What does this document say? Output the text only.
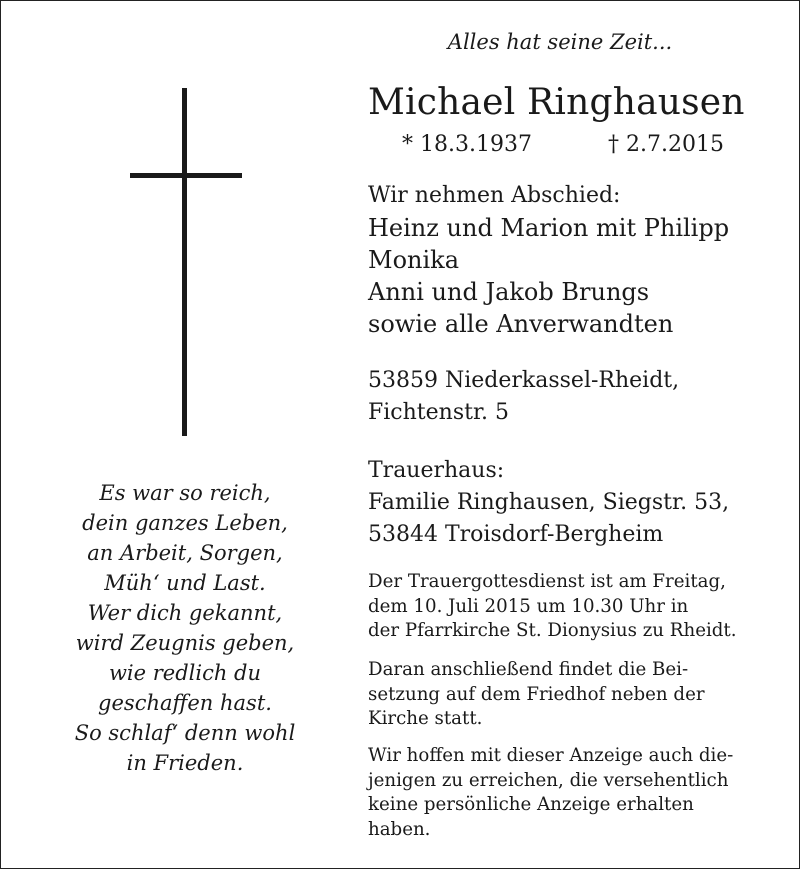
Alles hat seine Zeit...
Michael Ringhausen
* 18.3.1937	† 2.7.2015
Wir nehmen Abschied:
Heinz und Marion mit Philipp
Monika
Anni und Jakob Brungs
sowie alle Anverwandten
53859 Niederkassel-Rheidt,
Fichtenstr. 5
Trauerhaus:
Familie Ringhausen, Siegstr. 53,
53844 Troisdorf-Bergheim
Es war so reich,
dein ganzes Leben,
an Arbeit, Sorgen,
Müh‘ und Last.
Wer dich gekannt,
wird Zeugnis geben,
wie redlich du
geschaffen hast.
So schlaf‘ denn wohl
in Frieden.
Der Trauergottesdienst ist am Freitag,
dem 10. Juli 2015 um 10.30 Uhr in
der Pfarrkirche St. Dionysius zu Rheidt.
Daran anschließend findet die Bei-
setzung auf dem Friedhof neben der
Kirche statt.
Wir hoffen mit dieser Anzeige auch die-
jenigen zu erreichen, die versehentlich
keine persönliche Anzeige erhalten
haben.
